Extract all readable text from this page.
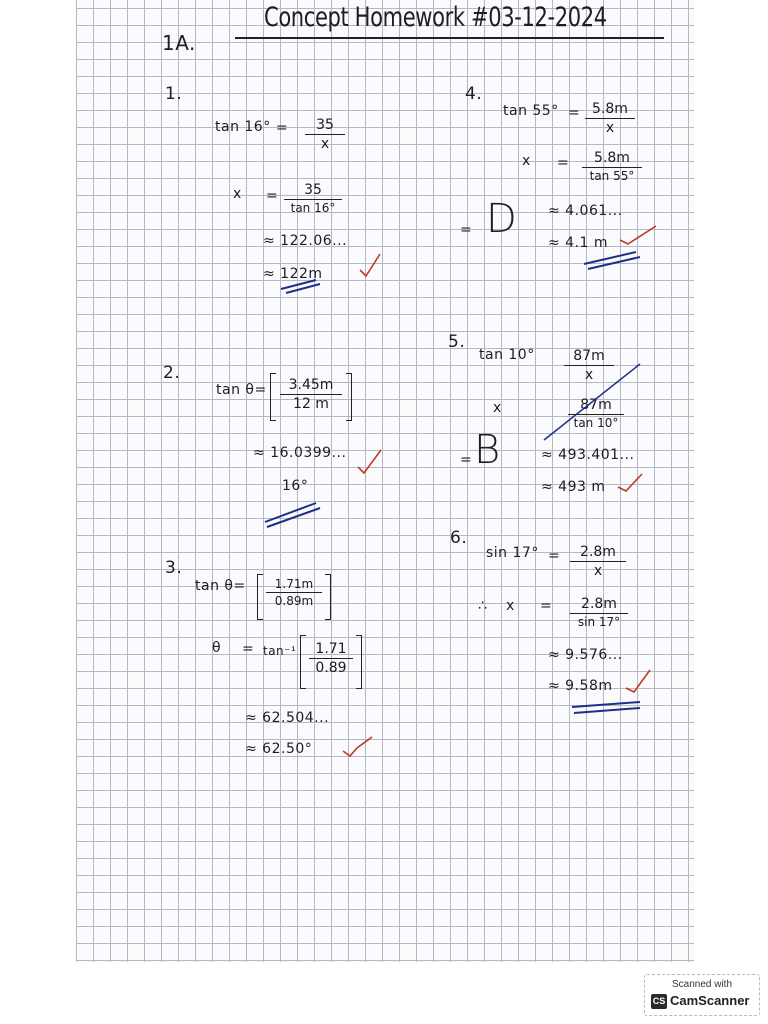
1A.
Concept Homework #03-12-2024
1.
tan 16° =	35
x
x =	35
tan 16°
≈ 122.06...
≈ 122m
2.
tan θ=	3.45m
12 m
≈ 16.0399...
16°
3.
tan θ=	1.71m
0.89m
θ = tan⁻¹	1.71
0.89
≈ 62.504...
≈ 62.50°
4.
tan 55° = 5.8m
x
x =	5.8m
tan 55°
= D ≈ 4.061...
≈ 4.1 m
5.
tan 10°	87m
x
x	87m
tan 10°
= B	≈ 493.401...
≈ 493 m
6.
sin 17° =	2.8m
x
∴ x =	2.8m
sin 17°
≈ 9.576...
≈ 9.58m
Scanned with
CS CamScanner
